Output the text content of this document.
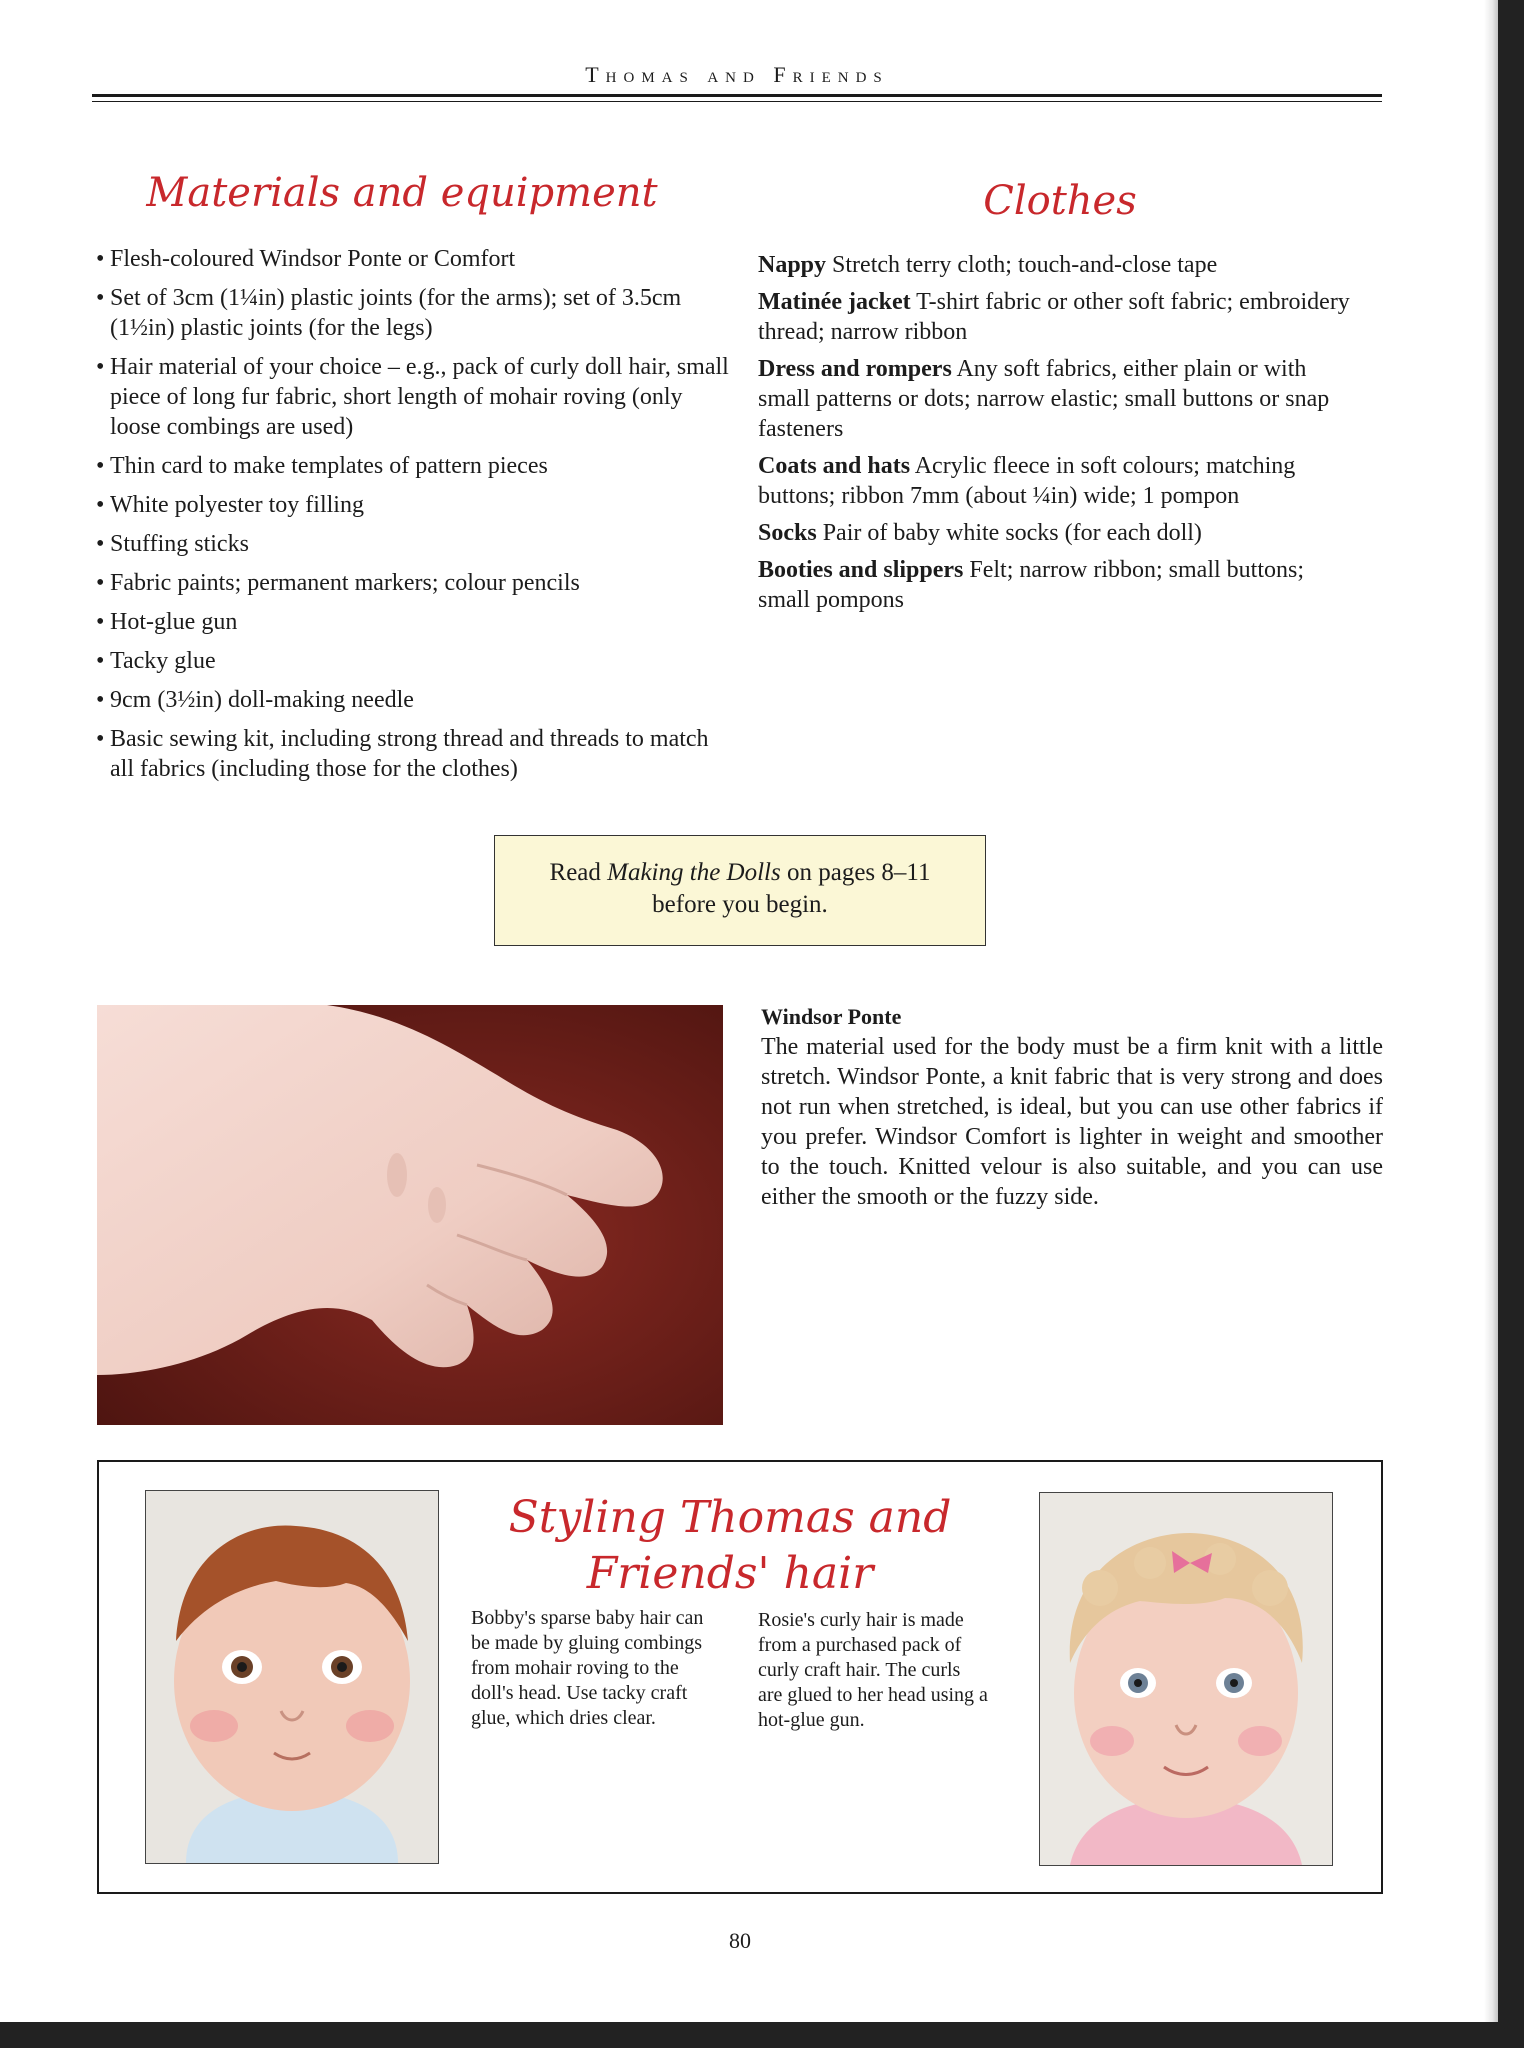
Thomas and Friends
Materials and equipment
• Flesh-coloured Windsor Ponte or Comfort
• Set of 3cm (1¼in) plastic joints (for the arms); set of 3.5cm (1½in) plastic joints (for the legs)
• Hair material of your choice – e.g., pack of curly doll hair, small piece of long fur fabric, short length of mohair roving (only loose combings are used)
• Thin card to make templates of pattern pieces
• White polyester toy filling
• Stuffing sticks
• Fabric paints; permanent markers; colour pencils
• Hot-glue gun
• Tacky glue
• 9cm (3½in) doll-making needle
• Basic sewing kit, including strong thread and threads to match all fabrics (including those for the clothes)
Clothes

Nappy Stretch terry cloth; touch-and-close tape

Matinée jacket T-shirt fabric or other soft fabric; embroidery thread; narrow ribbon

Dress and rompers Any soft fabrics, either plain or with small patterns or dots; narrow elastic; small buttons or snap fasteners

Coats and hats Acrylic fleece in soft colours; matching buttons; ribbon 7mm (about ¼in) wide; 1 pompon

Socks Pair of baby white socks (for each doll)

Booties and slippers Felt; narrow ribbon; small buttons; small pompons

Read Making the Dolls on pages 8–11
before you begin.
Windsor Ponte

The material used for the body must be a firm knit with a little stretch. Windsor Ponte, a knit fabric that is very strong and does not run when stretched, is ideal, but you can use other fabrics if you prefer. Windsor Comfort is lighter in weight and smoother to the touch. Knitted velour is also suitable, and you can use either the smooth or the fuzzy side.

Styling Thomas and
Friends' hair
Bobby's sparse baby hair can be made by gluing combings from mohair roving to the doll's head. Use tacky craft glue, which dries clear.
Rosie's curly hair is made from a purchased pack of curly craft hair. The curls are glued to her head using a hot-glue gun.
80
